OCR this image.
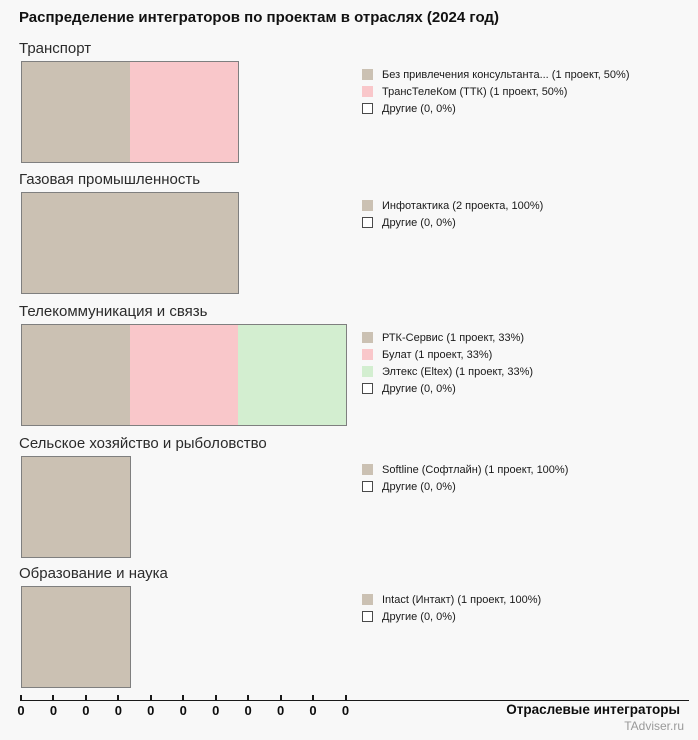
Распределение интеграторов по проектам в отраслях (2024 год)
Транспорт
Без привлечения консультанта... (1 проект, 50%)
ТрансТелеКом (ТТК) (1 проект, 50%)
Другие (0, 0%)
Газовая промышленность
Инфотактика (2 проекта, 100%)
Другие (0, 0%)
Телекоммуникация и связь
РТК-Сервис (1 проект, 33%)
Булат (1 проект, 33%)
Элтекс (Eltex) (1 проект, 33%)
Другие (0, 0%)
Сельское хозяйство и рыболовство
Softline (Софтлайн) (1 проект, 100%)
Другие (0, 0%)
Образование и наука
Intact (Интакт) (1 проект, 100%)
Другие (0, 0%)
0	0	0	0	0	0	0	0	0	0	0	Отраслевые интеграторы
TAdviser.ru
